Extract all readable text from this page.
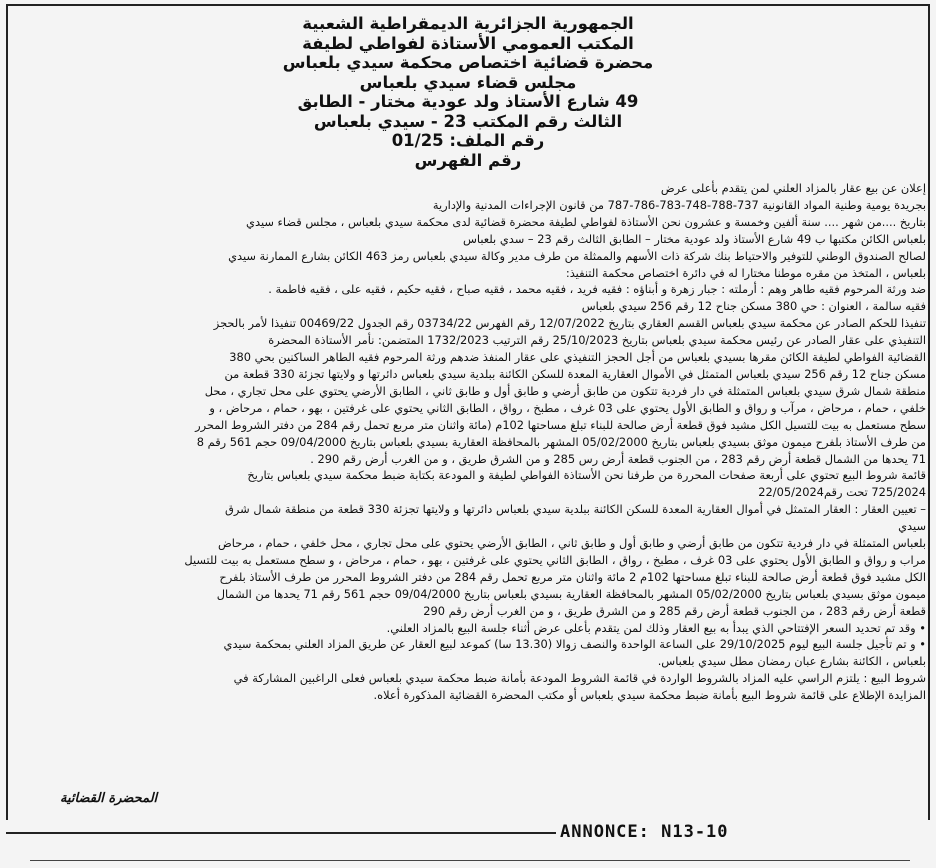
الجمهورية الجزائرية الديمقراطية الشعبية
المكتب العمومي الأستاذة لفواطي لطيفة
محضرة قضائية اختصاص محكمة سيدي بلعباس
مجلس قضاء سيدي بلعباس
49 شارع الأستاذ ولد عودية مختار - الطابق
الثالث رقم المكتب 23 - سيدي بلعباس
رقم الملف: 01/25
رقم الفهرس

إعلان عن بيع عقار بالمزاد العلني لمن يتقدم بأعلى عرض

بجريدة يومية وطنية المواد القانونية 737-788-748-783-786-787 من قانون الإجراءات المدنية والإدارية

بتاريخ ....من شهر .... سنة ألفين وخمسة و عشرون نحن الأستاذة لفواطي لطيفة محضرة قضائية لدى محكمة سيدي بلعباس ، مجلس قضاء سيدي

بلعباس الكائن مكتبها ب 49 شارع الأستاذ ولد عودية مختار – الطابق الثالث رقم 23 – سدي بلعباس

لصالح الصندوق الوطني للتوفير والاحتياط بنك شركة ذات الأسهم والممثلة من طرف مدير وكالة سيدي بلعباس رمز 463 الكائن بشارع الممارنة سيدي

بلعباس ، المتخذ من مقره موطنا مختارا له في دائرة اختصاص محكمة التنفيذ:

ضد ورثة المرحوم فقيه طاهر وهم : أرملته : جبار زهرة و أبناؤه : فقيه فريد ، فقيه محمد ، فقيه صباح ، فقيه حكيم ، فقيه على ، فقيه فاطمة .

فقيه سالمة ، العنوان : حي 380 مسكن جناح 12 رقم 256 سيدي بلعباس

تنفيذا للحكم الصادر عن محكمة سيدي بلعباس القسم العقاري بتاريخ 12/07/2022 رقم الفهرس 03734/22 رقم الجدول 00469/22 تنفيذا لأمر بالحجز

التنفيذي على عقار الصادر عن رئيس محكمة سيدي بلعباس بتاريخ 25/10/2023 رقم الترتيب 1732/2023 المتضمن: نأمر الأستاذة المحضرة

القضائية الفواطي لطيفة الكائن مقرها بسيدي بلعباس من أجل الحجز التنفيذي على عقار المنفذ ضدهم ورثة المرحوم فقيه الطاهر الساكنين بحي 380

مسكن جناح 12 رقم 256 سيدي بلعباس المتمثل في الأموال العقارية المعدة للسكن الكائنة ببلدية سيدي بلعباس دائرتها و ولايتها تجزئة 330 قطعة من

منطقة شمال شرق سيدي بلعباس المتمثلة في دار فردية تتكون من طابق أرضي و طابق أول و طابق ثاني ، الطابق الأرضي يحتوي على محل تجاري ، محل

خلفي ، حمام ، مرحاض ، مرآب و رواق و الطابق الأول يحتوي على 03 غرف ، مطبخ ، رواق ، الطابق الثاني يحتوي على غرفتين ، بهو ، حمام ، مرحاض ، و

سطح مستعمل به بيت للتسيل الكل مشيد فوق قطعة أرض صالحة للبناء تبلغ مساحتها 102م (مائة واثنان متر مربع تحمل رقم 284 من دفتر الشروط المحرر

من طرف الأستاذ بلفرح ميمون موثق بسيدي بلعباس بتاريخ 05/02/2000 المشهر بالمحافظة العقارية بسيدي بلعباس بتاريخ 09/04/2000 حجم 561 رقم 8

71 يحدها من الشمال قطعة أرض رقم 283 ، من الجنوب قطعة أرض رس 285 و من الشرق طريق ، و من الغرب أرض رقم 290 .

قائمة شروط البيع تحتوي على أربعة صفحات المحررة من طرفنا نحن الأستاذة الفواطي لطيفة و المودعة بكتابة ضبط محكمة سيدي بلعباس بتاريخ

725/2024 تحت رقم22/05/2024

– تعيين العقار : العقار المتمثل في أموال العقارية المعدة للسكن الكائنة ببلدية سيدي بلعباس دائرتها و ولايتها تجزئة 330 قطعة من منطقة شمال شرق

سيدي

بلعباس المتمثلة في دار فردية تتكون من طابق أرضي و طابق أول و طابق ثاني ، الطابق الأرضي يحتوي على محل تجاري ، محل خلفي ، حمام ، مرحاض

مراب و رواق و الطابق الأول يحتوي على 03 غرف ، مطبخ ، رواق ، الطابق الثاني يحتوي على غرفتين ، بهو ، حمام ، مرحاض ، و سطح مستعمل به بيت للتسيل

الكل مشيد فوق قطعة أرض صالحة للبناء تبلغ مساحتها 102م 2 مائة واثنان متر مربع تحمل رقم 284 من دفتر الشروط المحرر من طرف الأستاذ بلفرح

ميمون موثق بسيدي بلعباس بتاريخ 05/02/2000 المشهر بالمحافظة العقارية بسيدي بلعباس بتاريخ 09/04/2000 حجم 561 رقم 71 يحدها من الشمال

قطعة أرض رقم 283 ، من الجنوب قطعة أرض رقم 285 و من الشرق طريق ، و من الغرب أرض رقم 290

• وقد تم تحديد السعر الإفتتاحي الذي يبدأ به بيع العقار وذلك لمن يتقدم بأعلى عرض أثناء جلسة البيع بالمزاد العلني.

• و تم تأجيل جلسة البيع ليوم 29/10/2025 على الساعة الواحدة والنصف زوالا (13.30 سا) كموعد لبيع العقار عن طريق المزاد العلني بمحكمة سيدي

بلعباس ، الكائنة بشارع عبان رمضان مطل سيدي بلعباس.

شروط البيع : يلتزم الراسي عليه المزاد بالشروط الواردة في قائمة الشروط المودعة بأمانة ضبط محكمة سيدي بلعباس فعلى الراغبين المشاركة في

المزايدة الإطلاع على قائمة شروط البيع بأمانة ضبط محكمة سيدي بلعباس أو مكتب المحضرة القضائية المذكورة أعلاه.

المحضرة القضائية
ANNONCE: N13-10
